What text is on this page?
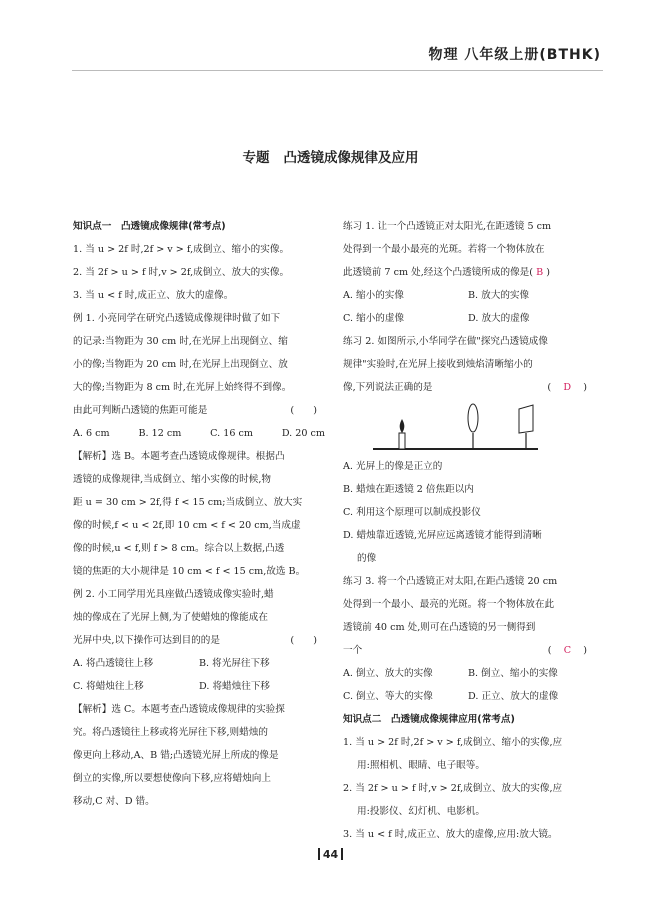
物理 八年级上册(BTHK)
专题 凸透镜成像规律及应用

知识点一　凸透镜成像规律(常考点)

1. 当 u > 2f 时,2f > v > f,成倒立、缩小的实像。

2. 当 2f > u > f 时,v > 2f,成倒立、放大的实像。

3. 当 u < f 时,成正立、放大的虚像。

例 1. 小亮同学在研究凸透镜成像规律时做了如下

的记录:当物距为 30 cm 时,在光屏上出现倒立、缩

小的像;当物距为 20 cm 时,在光屏上出现倒立、放

大的像;当物距为 8 cm 时,在光屏上始终得不到像。

由此可判断凸透镜的焦距可能是	(　　)

A. 6 cm	B. 12 cm	C. 16 cm	D. 20 cm

【解析】选 B。本题考查凸透镜成像规律。根据凸

透镜的成像规律,当成倒立、缩小实像的时候,物

距 u = 30 cm > 2f,得 f < 15 cm;当成倒立、放大实

像的时候,f < u < 2f,即 10 cm < f < 20 cm,当成虚

像的时候,u < f,则 f > 8 cm。综合以上数据,凸透

镜的焦距的大小规律是 10 cm < f < 15 cm,故选 B。

例 2. 小工同学用光具座做凸透镜成像实验时,蜡

烛的像成在了光屏上侧,为了使蜡烛的像能成在

光屏中央,以下操作可达到目的的是	(　　)

A. 将凸透镜往上移	B. 将光屏往下移
C. 将蜡烛往上移	D. 将蜡烛往下移

【解析】选 C。本题考查凸透镜成像规律的实验探

究。将凸透镜往上移或将光屏往下移,则蜡烛的

像更向上移动,A、B 错;凸透镜光屏上所成的像是

倒立的实像,所以要想使像向下移,应将蜡烛向上

移动,C 对、D 错。

练习 1. 让一个凸透镜正对太阳光,在距透镜 5 cm

处得到一个最小最亮的光斑。若将一个物体放在

此透镜前 7 cm 处,经这个凸透镜所成的像是( B )

A. 缩小的实像	B. 放大的实像
C. 缩小的虚像	D. 放大的虚像

练习 2. 如图所示,小华同学在做"探究凸透镜成像

规律"实验时,在光屏上接收到烛焰清晰缩小的

像,下列说法正确的是	(    D    )

A. 光屏上的像是正立的

B. 蜡烛在距透镜 2 倍焦距以内

C. 利用这个原理可以制成投影仪

D. 蜡烛靠近透镜,光屏应远离透镜才能得到清晰

的像

练习 3. 将一个凸透镜正对太阳,在距凸透镜 20 cm

处得到一个最小、最亮的光斑。将一个物体放在此

透镜前 40 cm 处,则可在凸透镜的另一侧得到

一个	(    C    )

A. 倒立、放大的实像	B. 倒立、缩小的实像
C. 倒立、等大的实像	D. 正立、放大的虚像

知识点二　凸透镜成像规律应用(常考点)

1. 当 u > 2f 时,2f > v > f,成倒立、缩小的实像,应

用:照相机、眼睛、电子眼等。

2. 当 2f > u > f 时,v > 2f,成倒立、放大的实像,应

用:投影仪、幻灯机、电影机。

3. 当 u < f 时,成正立、放大的虚像,应用:放大镜。

44
